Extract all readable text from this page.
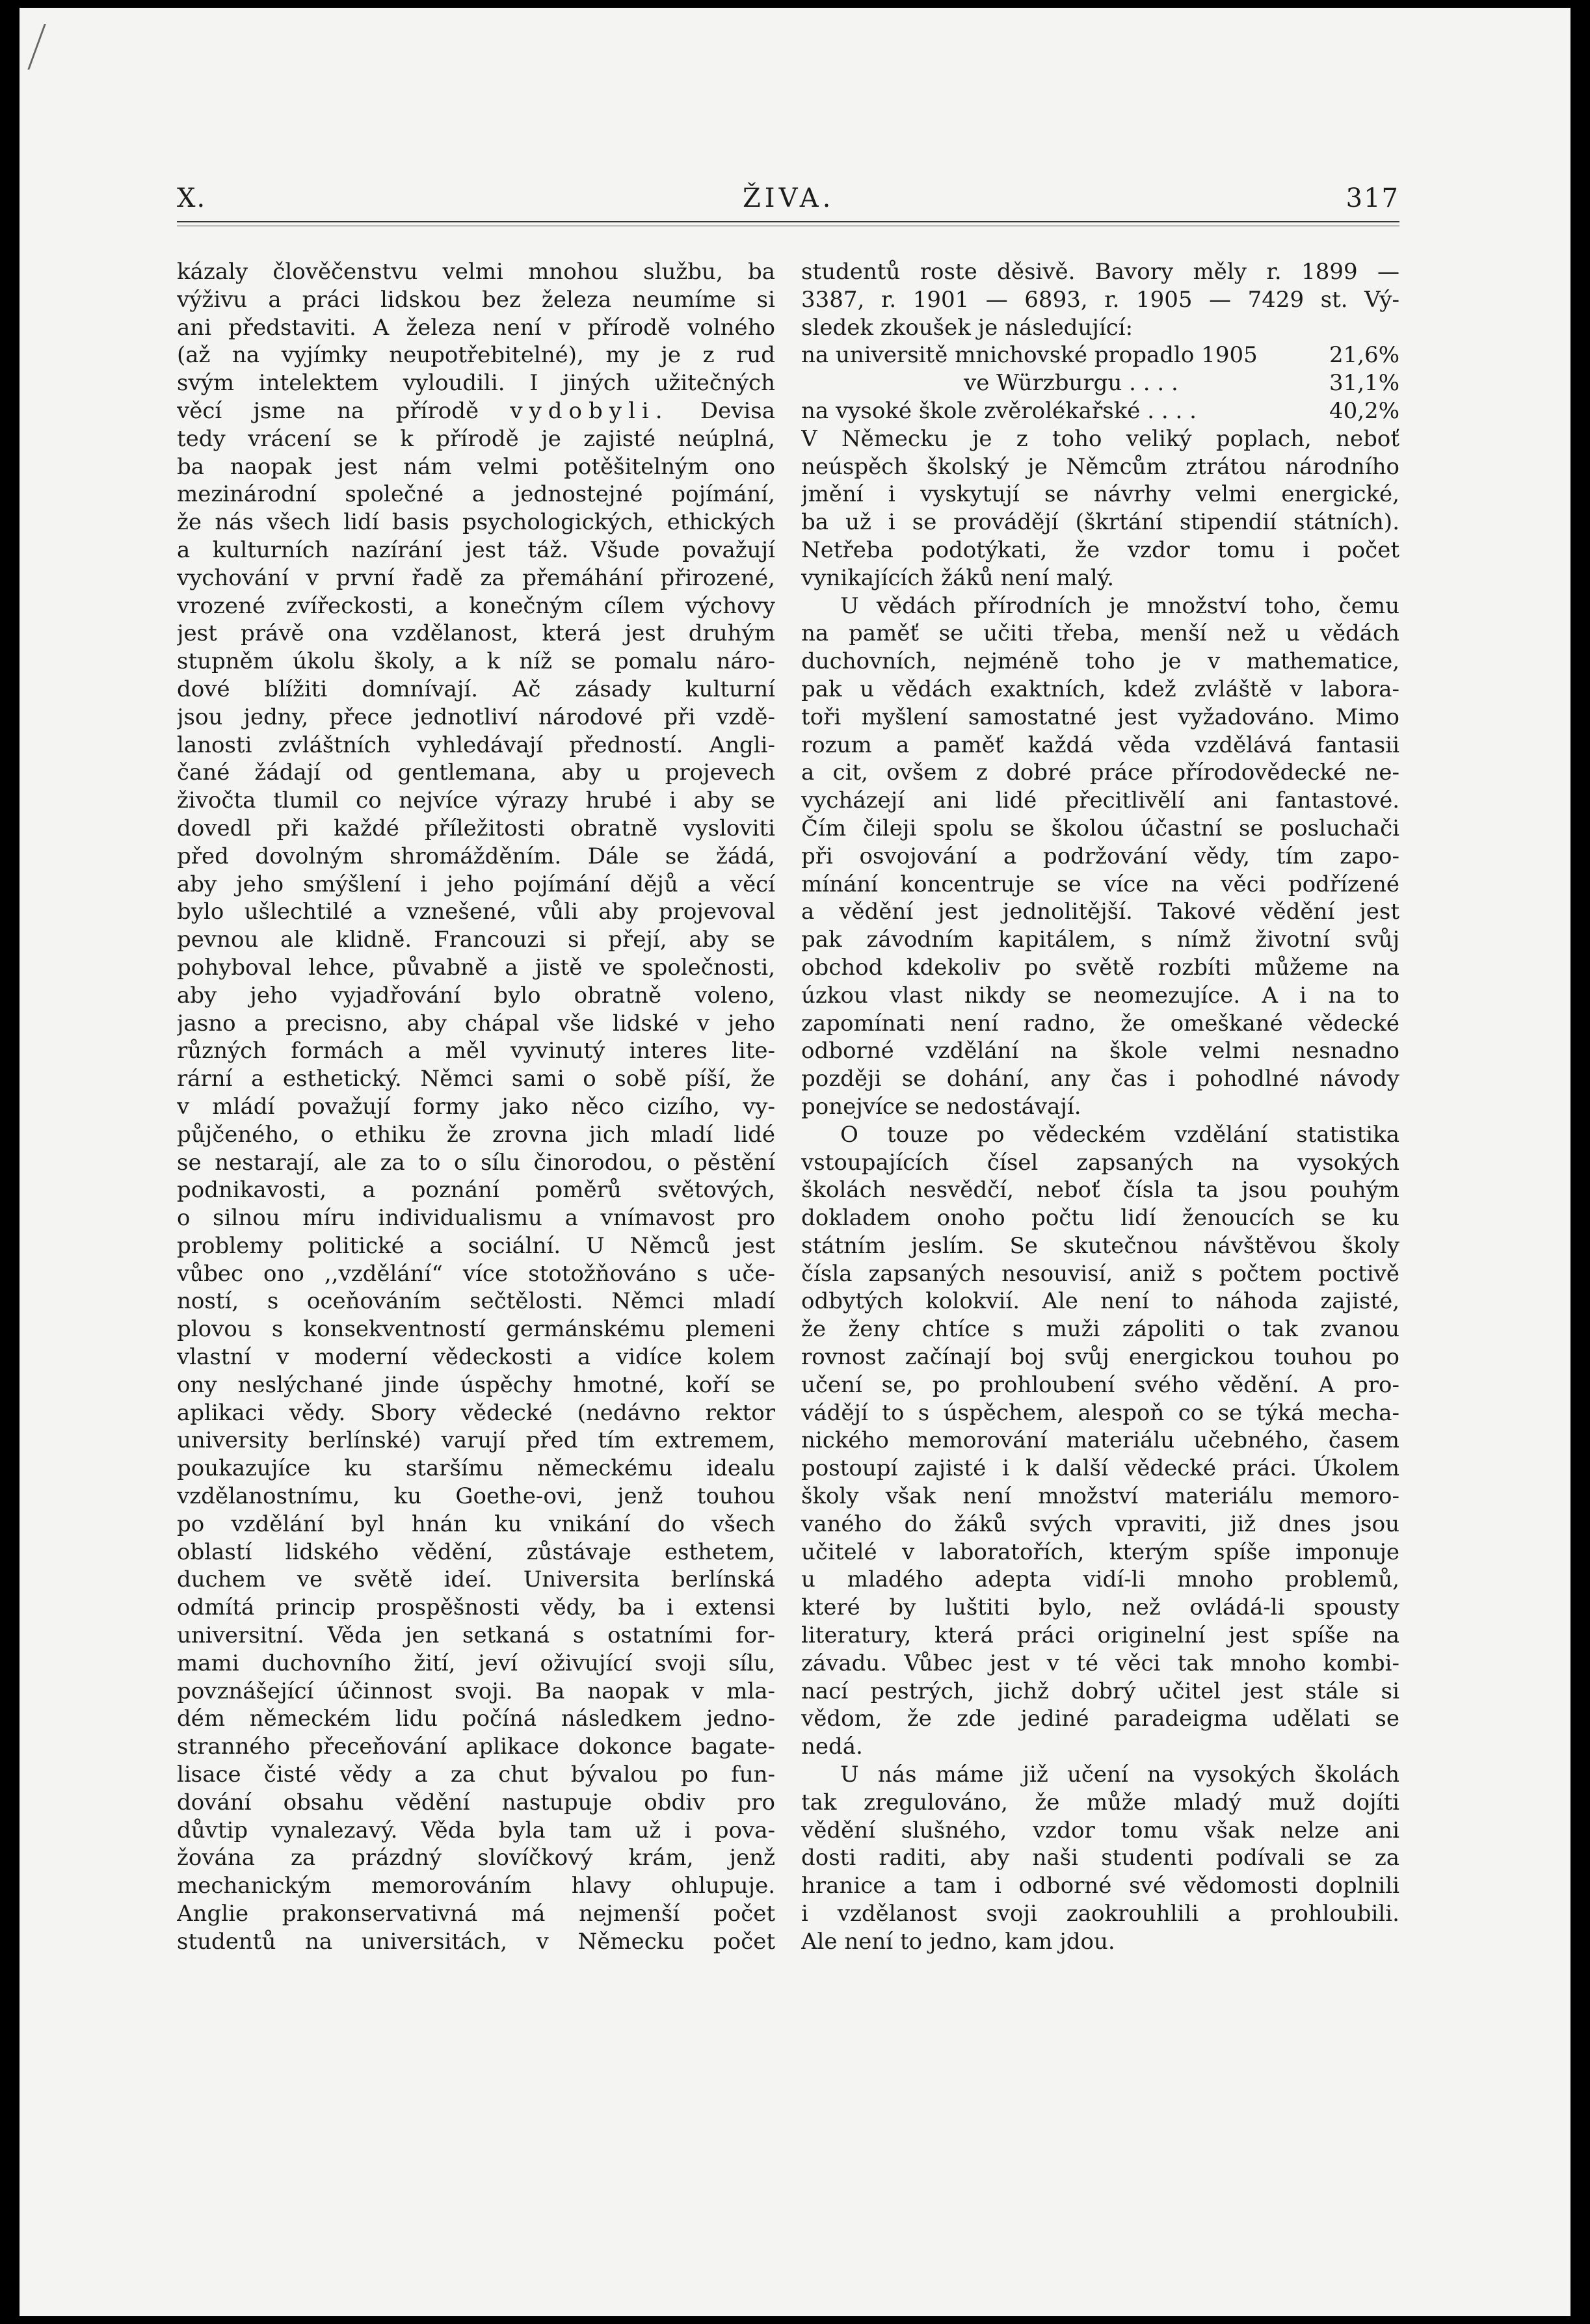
X.	ŽIVA.	317
kázaly člověčenstvu velmi mnohou službu, ba
výživu a práci lidskou bez železa neumíme si
ani představiti. A železa není v přírodě volného
(až na vyjímky neupotřebitelné), my je z rud
svým intelektem vyloudili. I jiných užitečných
věcí jsme na přírodě vydobyli. Devisa
tedy vrácení se k přírodě je zajisté neúplná,
ba naopak jest nám velmi potěšitelným ono
mezinárodní společné a jednostejné pojímání,
že nás všech lidí basis psychologických, ethických
a kulturních nazírání jest táž. Všude považují
vychování v první řadě za přemáhání přirozené,
vrozené zvířeckosti, a konečným cílem výchovy
jest právě ona vzdělanost, která jest druhým
stupněm úkolu školy, a k níž se pomalu náro-
dové blížiti domnívají. Ač zásady kulturní
jsou jedny, přece jednotliví národové při vzdě-
lanosti zvláštních vyhledávají předností. Angli-
čané žádají od gentlemana, aby u projevech
živočta tlumil co nejvíce výrazy hrubé i aby se
dovedl při každé příležitosti obratně vysloviti
před dovolným shromážděním. Dále se žádá,
aby jeho smýšlení i jeho pojímání dějů a věcí
bylo ušlechtilé a vznešené, vůli aby projevoval
pevnou ale klidně. Francouzi si přejí, aby se
pohyboval lehce, půvabně a jistě ve společnosti,
aby jeho vyjadřování bylo obratně voleno,
jasno a precisno, aby chápal vše lidské v jeho
různých formách a měl vyvinutý interes lite-
rární a esthetický. Němci sami o sobě píší, že
v mládí považují formy jako něco cizího, vy-
půjčeného, o ethiku že zrovna jich mladí lidé
se nestarají, ale za to o sílu činorodou, o pěstění
podnikavosti, a poznání poměrů světových,
o silnou míru individualismu a vnímavost pro
problemy politické a sociální. U Němců jest
vůbec ono ,,vzdělání“ více stotožňováno s uče-
ností, s oceňováním sečtělosti. Němci mladí
plovou s konsekventností germánskému plemeni
vlastní v moderní vědeckosti a vidíce kolem
ony neslýchané jinde úspěchy hmotné, koří se
aplikaci vědy. Sbory vědecké (nedávno rektor
university berlínské) varují před tím extremem,
poukazujíce ku staršímu německému idealu
vzdělanostnímu, ku Goethe-ovi, jenž touhou
po vzdělání byl hnán ku vnikání do všech
oblastí lidského vědění, zůstávaje esthetem,
duchem ve světě ideí. Universita berlínská
odmítá princip prospěšnosti vědy, ba i extensi
universitní. Věda jen setkaná s ostatními for-
mami duchovního žití, jeví oživující svoji sílu,
povznášející účinnost svoji. Ba naopak v mla-
dém německém lidu počíná následkem jedno-
stranného přeceňování aplikace dokonce bagate-
lisace čisté vědy a za chut bývalou po fun-
dování obsahu vědění nastupuje obdiv pro
důvtip vynalezavý. Věda byla tam už i pova-
žována za prázdný slovíčkový krám, jenž
mechanickým memorováním hlavy ohlupuje.
Anglie prakonservativná má nejmenší počet
studentů na universitách, v Německu počet
studentů roste děsivě. Bavory měly r. 1899 —
3387, r. 1901 — 6893, r. 1905 — 7429 st. Vý-
sledek zkoušek je následující:
na universitě mnichovské propadlo 1905	21,6%
ve Würzburgu . . . .	31,1%
na vysoké škole zvěrolékařské . . . .	40,2%
V Německu je z toho veliký poplach, neboť
neúspěch školský je Němcům ztrátou národního
jmění i vyskytují se návrhy velmi energické,
ba už i se provádějí (škrtání stipendií státních).
Netřeba podotýkati, že vzdor tomu i počet
vynikajících žáků není malý.
U vědách přírodních je množství toho, čemu
na paměť se učiti třeba, menší než u vědách
duchovních, nejméně toho je v mathematice,
pak u vědách exaktních, kdež zvláště v labora-
toři myšlení samostatné jest vyžadováno. Mimo
rozum a paměť každá věda vzdělává fantasii
a cit, ovšem z dobré práce přírodovědecké ne-
vycházejí ani lidé přecitlivělí ani fantastové.
Čím čileji spolu se školou účastní se posluchači
při osvojování a podržování vědy, tím zapo-
mínání koncentruje se více na věci podřízené
a vědění jest jednolitější. Takové vědění jest
pak závodním kapitálem, s nímž životní svůj
obchod kdekoliv po světě rozbíti můžeme na
úzkou vlast nikdy se neomezujíce. A i na to
zapomínati není radno, že omeškané vědecké
odborné vzdělání na škole velmi nesnadno
později se dohání, any čas i pohodlné návody
ponejvíce se nedostávají.
O touze po vědeckém vzdělání statistika
vstoupajících čísel zapsaných na vysokých
školách nesvědčí, neboť čísla ta jsou pouhým
dokladem onoho počtu lidí ženoucích se ku
státním jeslím. Se skutečnou návštěvou školy
čísla zapsaných nesouvisí, aniž s počtem poctivě
odbytých kolokvií. Ale není to náhoda zajisté,
že ženy chtíce s muži zápoliti o tak zvanou
rovnost začínají boj svůj energickou touhou po
učení se, po prohloubení svého vědění. A pro-
vádějí to s úspěchem, alespoň co se týká mecha-
nického memorování materiálu učebného, časem
postoupí zajisté i k další vědecké práci. Úkolem
školy však není množství materiálu memoro-
vaného do žáků svých vpraviti, již dnes jsou
učitelé v laboratořích, kterým spíše imponuje
u mladého adepta vidí-li mnoho problemů,
které by luštiti bylo, než ovládá-li spousty
literatury, která práci originelní jest spíše na
závadu. Vůbec jest v té věci tak mnoho kombi-
nací pestrých, jichž dobrý učitel jest stále si
vědom, že zde jediné paradeigma udělati se
nedá.
U nás máme již učení na vysokých školách
tak zregulováno, že může mladý muž dojíti
vědění slušného, vzdor tomu však nelze ani
dosti raditi, aby naši studenti podívali se za
hranice a tam i odborné své vědomosti doplnili
i vzdělanost svoji zaokrouhlili a prohloubili.
Ale není to jedno, kam jdou.
